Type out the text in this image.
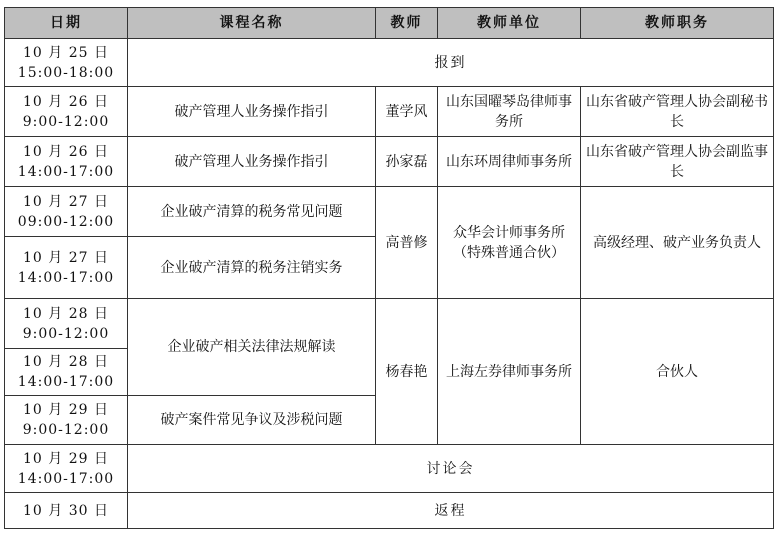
日期	课程名称	教师	教师单位	教师职务

10 月 25 日
15:00-18:00	报到			

10 月 26 日
9:00-12:00	破产管理人业务操作指引	董学风	山东国曜琴岛律师事务所	山东省破产管理人协会副秘书长

10 月 26 日
14:00-17:00	破产管理人业务操作指引	孙家磊	山东环周律师事务所	山东省破产管理人协会副监事长

10 月 27 日
09:00-12:00	企业破产清算的税务常见问题	高普修	众华会计师事务所（特殊普通合伙）	高级经理、破产业务负责人

10 月 27 日
14:00-17:00	企业破产清算的税务注销实务			

10 月 28 日
9:00-12:00	企业破产相关法律法规解读	杨春艳	上海左券律师事务所	合伙人

10 月 28 日
14:00-17:00				

10 月 29 日
9:00-12:00	破产案件常见争议及涉税问题			

10 月 29 日
14:00-17:00	讨论会			

10 月 30 日	返程			
